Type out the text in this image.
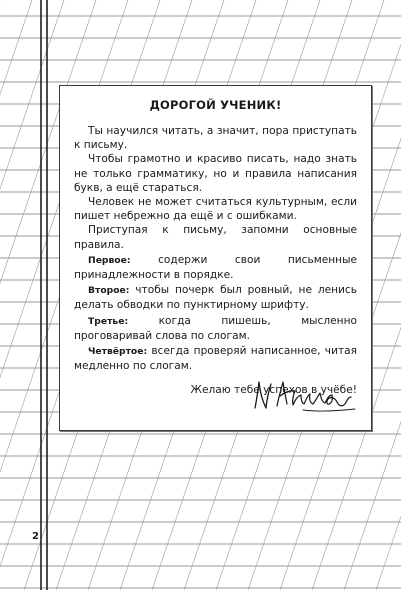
ДОРОГОЙ УЧЕНИК!

Ты научился читать, а значит, пора приступать к письму.

Чтобы грамотно и красиво писать, надо знать не только грамматику, но и правила написания букв, а ещё стараться.

Человек не может считаться культурным, если пишет небрежно да ещё и с ошибками.

Приступая к письму, запомни основные правила.

Первое: содержи свои письменные принадлежности в порядке.

Второе: чтобы почерк был ровный, не ленись делать обводки по пунктирному шрифту.

Третье: когда пишешь, мысленно проговаривай слова по слогам.

Четвёртое: всегда проверяй написанное, читая медленно по слогам.

Желаю тебе успехов в учёбе!
2
